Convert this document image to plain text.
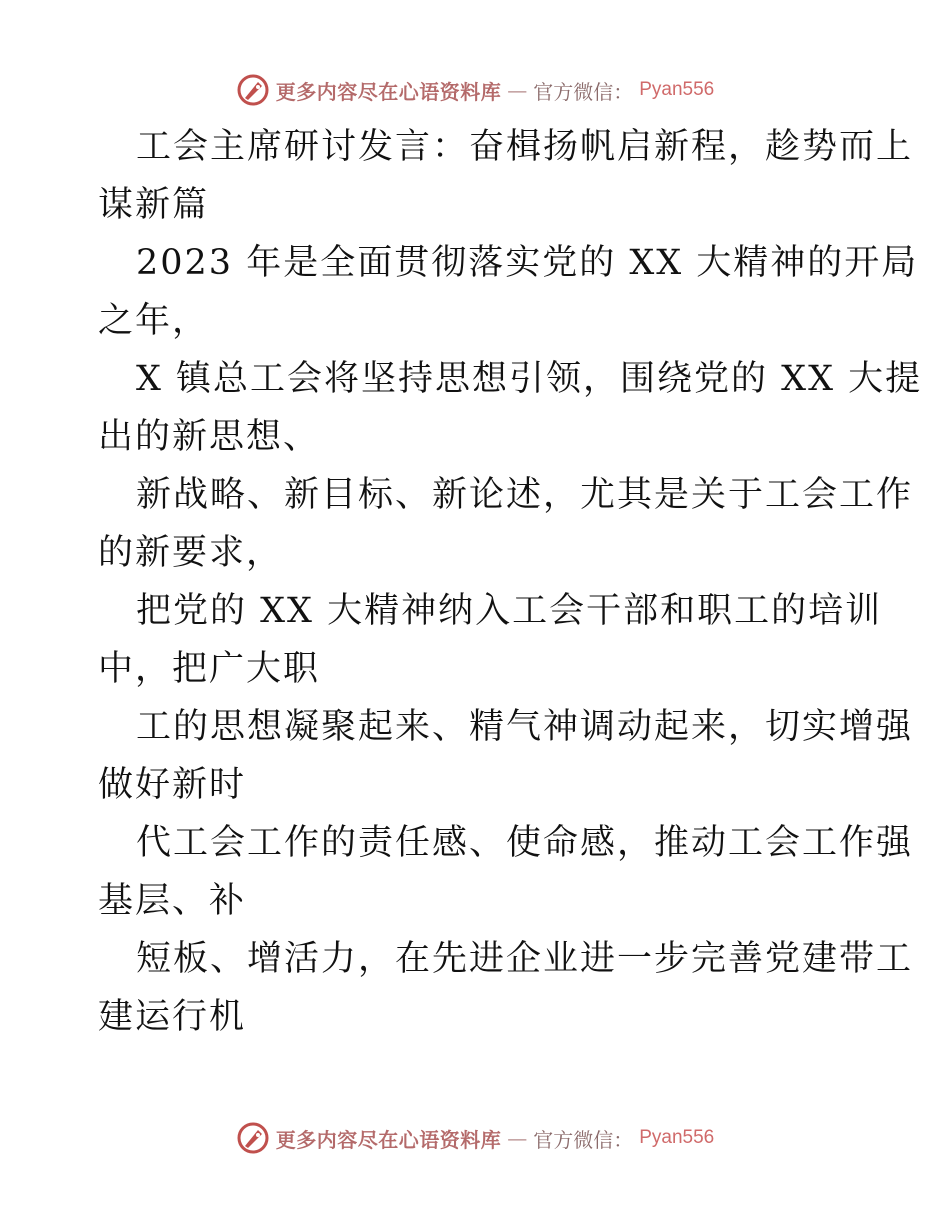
更多内容尽在心语资料库 — 官方微信： Pyan556

工会主席研讨发言：奋楫扬帆启新程，趁势而上
谋新篇

2023 年是全面贯彻落实党的 XX 大精神的开局
之年，

X 镇总工会将坚持思想引领，围绕党的 XX 大提
出的新思想、

新战略、新目标、新论述，尤其是关于工会工作
的新要求，

把党的 XX 大精神纳入工会干部和职工的培训
中，把广大职

工的思想凝聚起来、精气神调动起来，切实增强
做好新时

代工会工作的责任感、使命感，推动工会工作强
基层、补

短板、增活力，在先进企业进一步完善党建带工
建运行机

更多内容尽在心语资料库 — 官方微信： Pyan556
